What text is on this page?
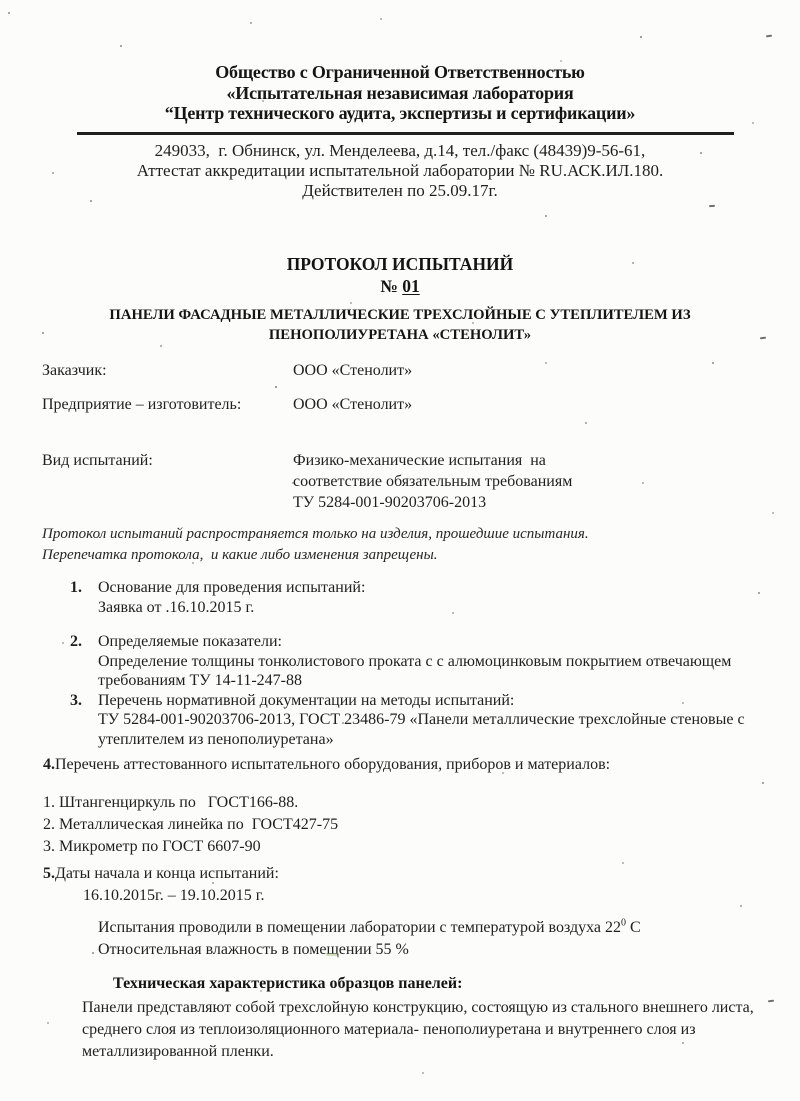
Общество с Ограниченной Ответственностью
«Испытательная независимая лаборатория
“Центр технического аудита, экспертизы и сертификации»
249033,  г. Обнинск, ул. Менделеева, д.14, тел./факс (48439)9-56-61,
Аттестат аккредитации испытательной лаборатории № RU.АСК.ИЛ.180.
Действителен по 25.09.17г.
ПРОТОКОЛ ИСПЫТАНИЙ
№ 01
ПАНЕЛИ ФАСАДНЫЕ МЕТАЛЛИЧЕСКИЕ ТРЕХСЛОЙНЫЕ С УТЕПЛИТЕЛЕМ ИЗ
ПЕНОПОЛИУРЕТАНА «СТЕНОЛИТ»
Заказчик:	ООО «Стенолит»
Предприятие – изготовитель:	ООО «Стенолит»
Вид испытаний:	Физико-механические испытания  на
соответствие обязательным требованиям
ТУ 5284-001-90203706-2013
Протокол испытаний распространяется только на изделия, прошедшие испытания.
Перепечатка протокола,  и какие либо изменения запрещены.
1.	Основание для проведения испытаний:
Заявка от .16.10.2015 г.
2.	Определяемые показатели:
Определение толщины тонколистового проката с с алюмоцинковым покрытием отвечающем требованиям ТУ 14-11-247-88
3.	Перечень нормативной документации на методы испытаний:
ТУ 5284-001-90203706-2013, ГОСТ 23486-79 «Панели металлические трехслойные стеновые с утеплителем из пенополиуретана»
4.Перечень аттестованного испытательного оборудования, приборов и материалов:
1. Штангенциркуль по   ГОСТ166-88.
2. Металлическая линейка по  ГОСТ427-75
3. Микрометр по ГОСТ 6607-90
5.Даты начала и конца испытаний:
16.10.2015г. – 19.10.2015 г.
Испытания проводили в помещении лаборатории с температурой воздуха $22^0$ С
Относительная влажность в помещении 55 %
Техническая характеристика образцов панелей:
Панели представляют собой трехслойную конструкцию, состоящую из стального внешнего листа, среднего слоя из теплоизоляционного материала- пенополиуретана и внутреннего слоя из металлизированной пленки.
